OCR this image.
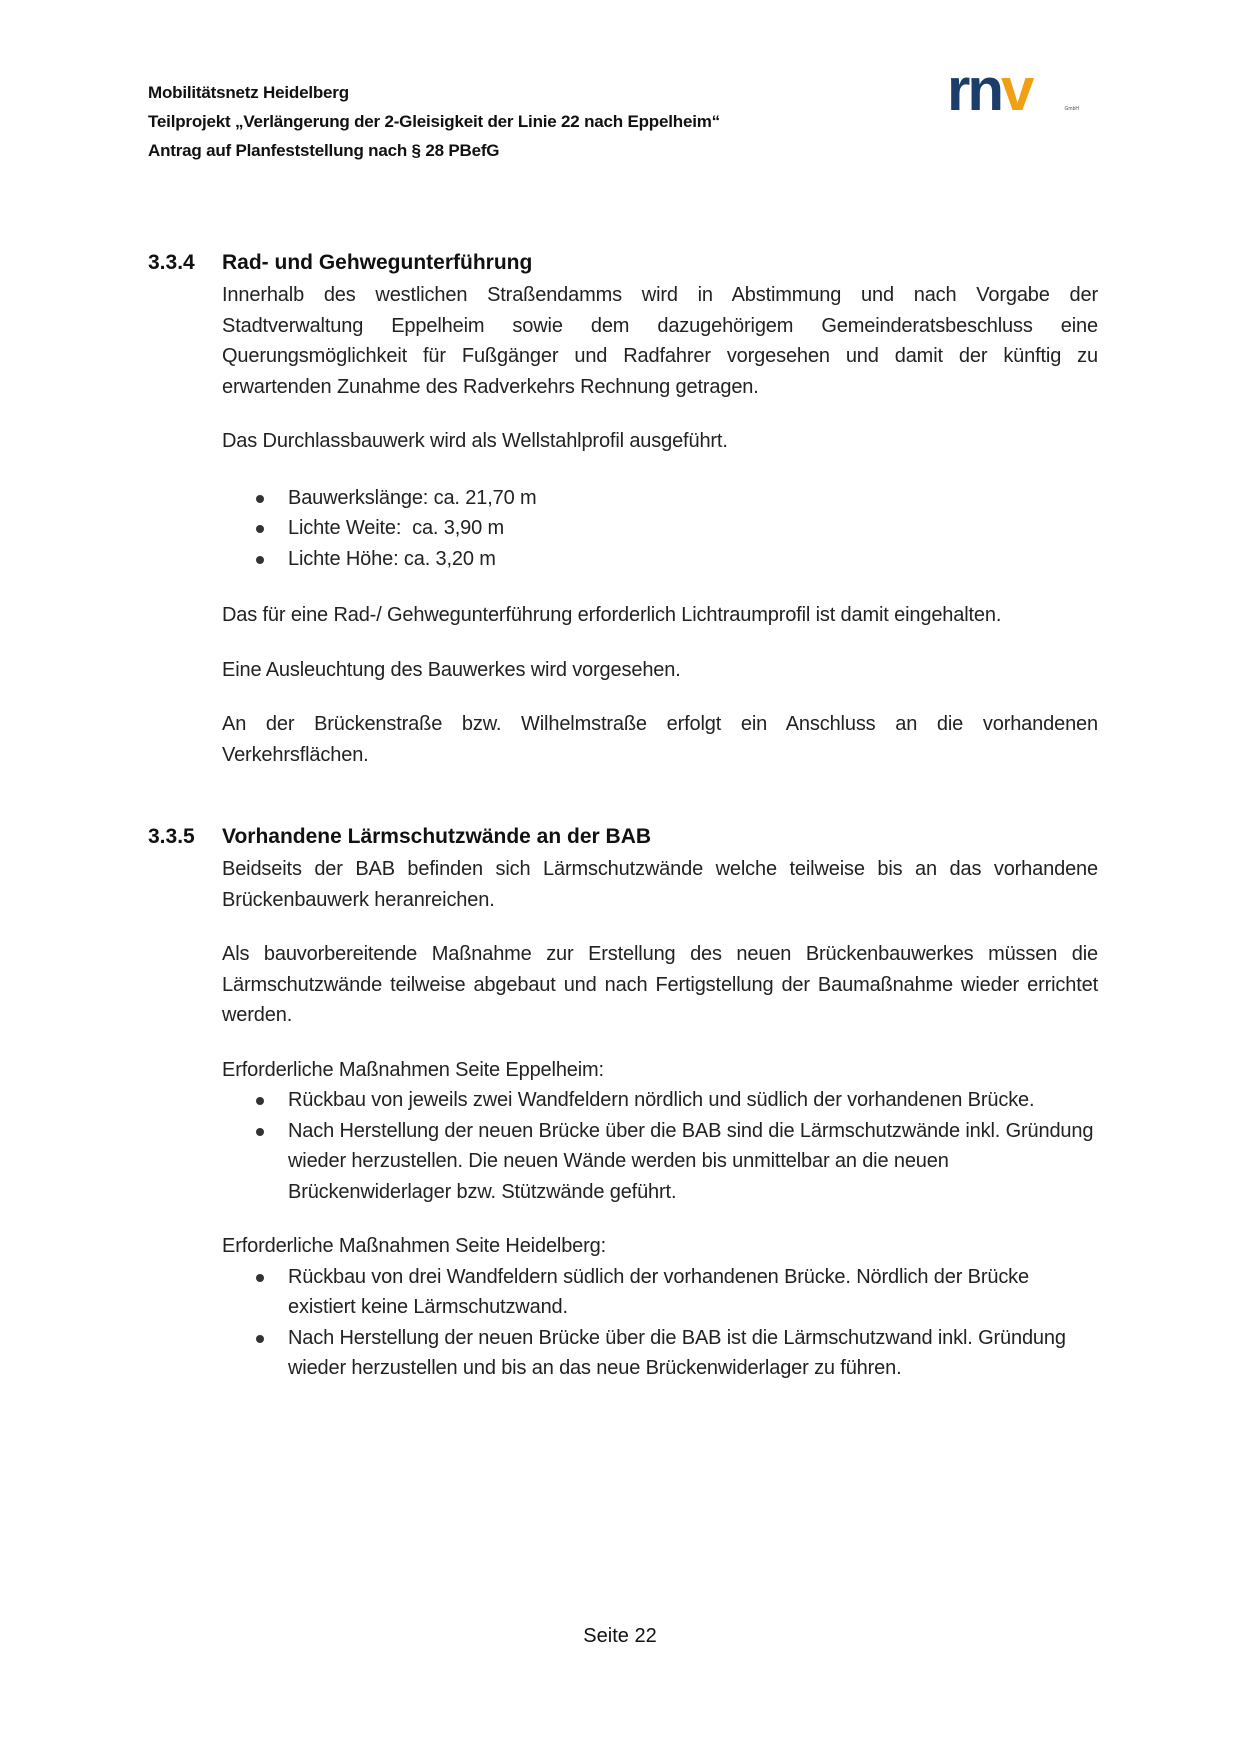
Mobilitätsnetz Heidelberg
Teilprojekt „Verlängerung der 2-Gleisigkeit der Linie 22 nach Eppelheim“
Antrag auf Planfeststellung nach § 28 PBefG
rnv	GmbH
3.3.4	Rad- und Gehwegunterführung

Innerhalb des westlichen Straßendamms wird in Abstimmung und nach Vorgabe der Stadtverwaltung Eppelheim sowie dem dazugehörigem Gemeinderatsbeschluss eine Querungsmöglichkeit für Fußgänger und Radfahrer vorgesehen und damit der künftig zu erwartenden Zunahme des Radverkehrs Rechnung getragen.

Das Durchlassbauwerk wird als Wellstahlprofil ausgeführt.

Bauwerkslänge: ca. 21,70 m
Lichte Weite:  ca. 3,90 m
Lichte Höhe: ca. 3,20 m

Das für eine Rad-/ Gehwegunterführung erforderlich Lichtraumprofil ist damit eingehalten.

Eine Ausleuchtung des Bauwerkes wird vorgesehen.

An der Brückenstraße bzw. Wilhelmstraße erfolgt ein Anschluss an die vorhandenen Verkehrsflächen.

3.3.5	Vorhandene Lärmschutzwände an der BAB

Beidseits der BAB befinden sich Lärmschutzwände welche teilweise bis an das vorhandene Brückenbauwerk heranreichen.

Als bauvorbereitende Maßnahme zur Erstellung des neuen Brückenbauwerkes müssen die Lärmschutzwände teilweise abgebaut und nach Fertigstellung der Baumaßnahme wieder errichtet werden.

Erforderliche Maßnahmen Seite Eppelheim:

Rückbau von jeweils zwei Wandfeldern nördlich und südlich der vorhandenen Brücke.
Nach Herstellung der neuen Brücke über die BAB sind die Lärmschutzwände inkl. Gründung wieder herzustellen. Die neuen Wände werden bis unmittelbar an die neuen Brückenwiderlager bzw. Stützwände geführt.

Erforderliche Maßnahmen Seite Heidelberg:

Rückbau von drei Wandfeldern südlich der vorhandenen Brücke. Nördlich der Brücke existiert keine Lärmschutzwand.
Nach Herstellung der neuen Brücke über die BAB ist die Lärmschutzwand inkl. Gründung wieder herzustellen und bis an das neue Brückenwiderlager zu führen.
Seite 22
